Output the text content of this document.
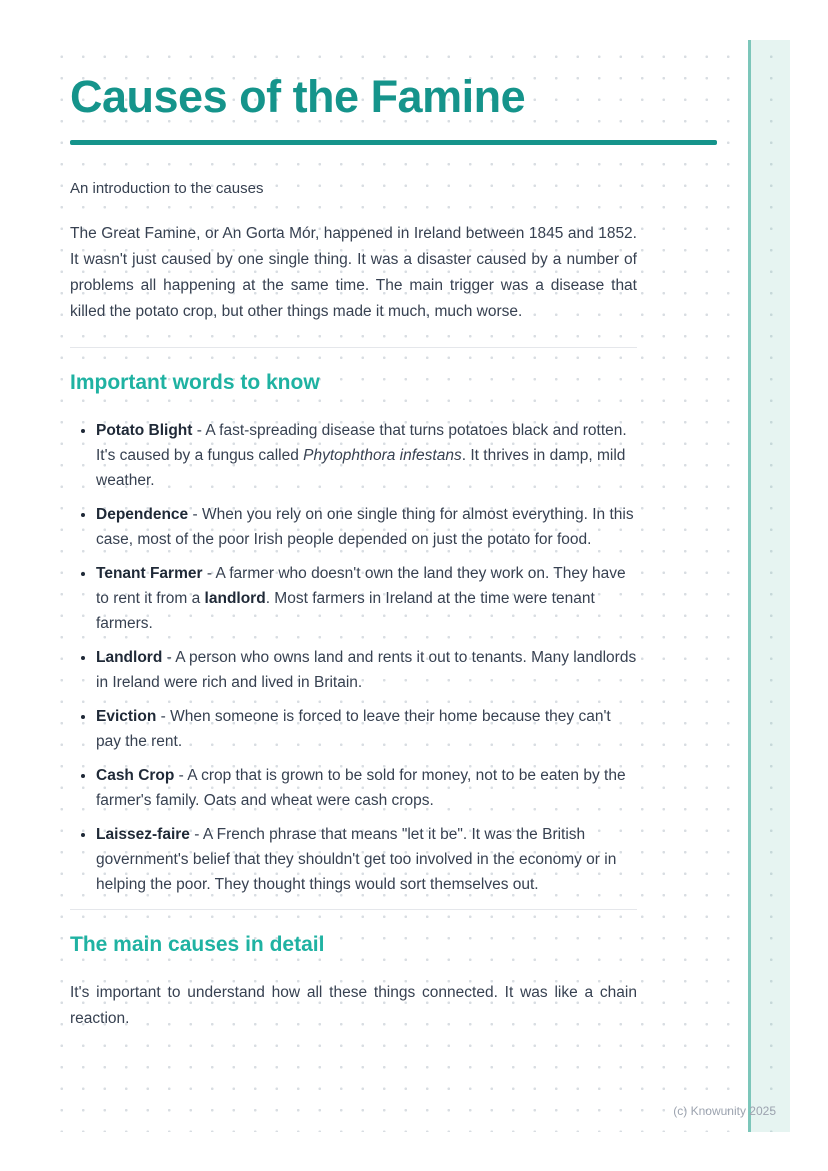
Causes of the Famine

An introduction to the causes

The Great Famine, or An Gorta Mór, happened in Ireland between 1845 and 1852. It wasn't just caused by one single thing. It was a disaster caused by a number of problems all happening at the same time. The main trigger was a disease that killed the potato crop, but other things made it much, much worse.

Important words to know
• Potato Blight - A fast-spreading disease that turns potatoes black and rotten. It's caused by a fungus called Phytophthora infestans. It thrives in damp, mild weather.
• Dependence - When you rely on one single thing for almost everything. In this case, most of the poor Irish people depended on just the potato for food.
• Tenant Farmer - A farmer who doesn't own the land they work on. They have to rent it from a landlord. Most farmers in Ireland at the time were tenant farmers.
• Landlord - A person who owns land and rents it out to tenants. Many landlords in Ireland were rich and lived in Britain.
• Eviction - When someone is forced to leave their home because they can't pay the rent.
• Cash Crop - A crop that is grown to be sold for money, not to be eaten by the farmer's family. Oats and wheat were cash crops.
• Laissez-faire - A French phrase that means "let it be". It was the British government's belief that they shouldn't get too involved in the economy or in helping the poor. They thought things would sort themselves out.
The main causes in detail

It's important to understand how all these things connected. It was like a chain reaction.

(c) Knowunity 2025
